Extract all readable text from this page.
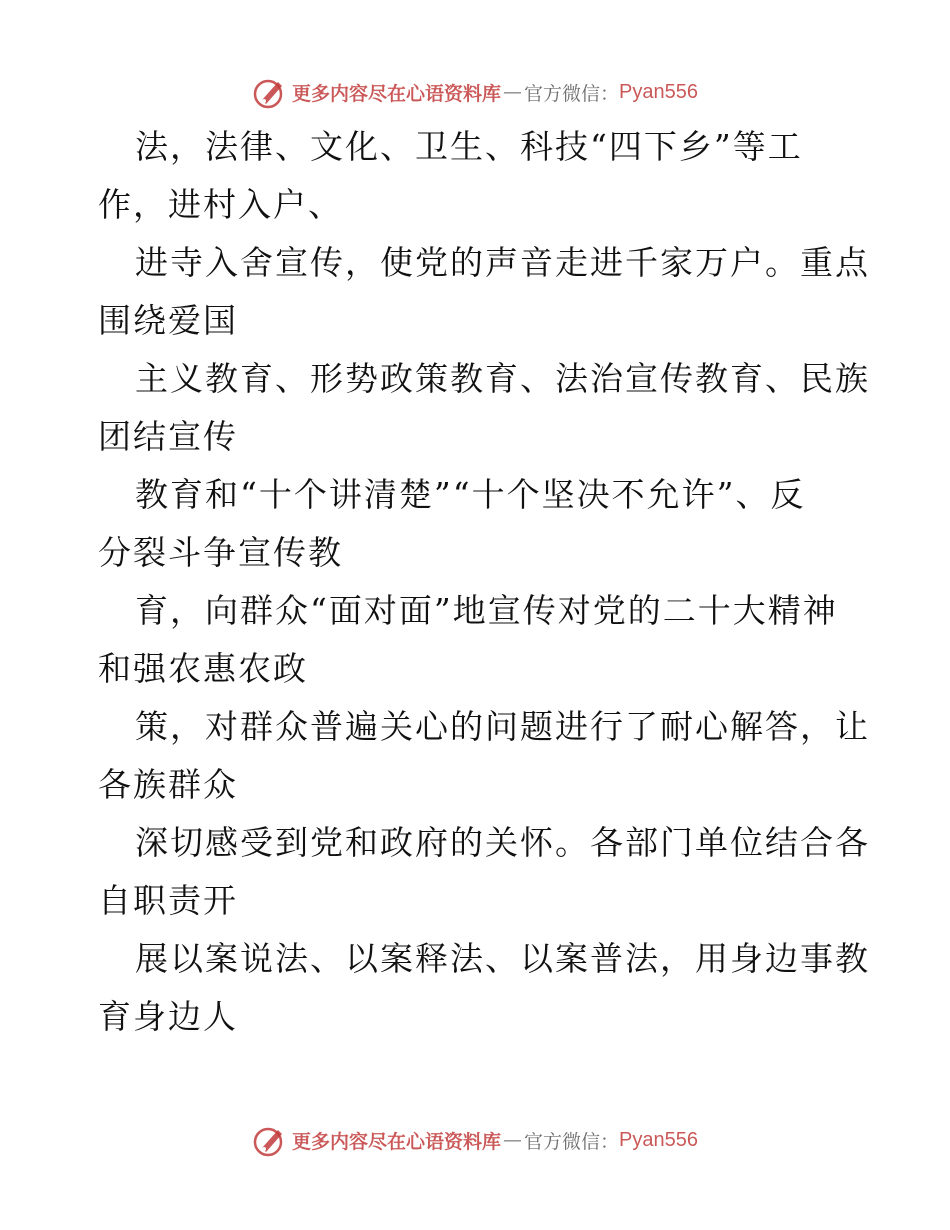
更多内容尽在心语资料库 — 官方微信： Pyan556
法，法律、文化、卫生、科技“四下乡”等工
作，进村入户、
进寺入舍宣传，使党的声音走进千家万户。重点
围绕爱国
主义教育、形势政策教育、法治宣传教育、民族
团结宣传
教育和“十个讲清楚”“十个坚决不允许”、反
分裂斗争宣传教
育，向群众“面对面”地宣传对党的二十大精神
和强农惠农政
策，对群众普遍关心的问题进行了耐心解答，让
各族群众
深切感受到党和政府的关怀。各部门单位结合各
自职责开
展以案说法、以案释法、以案普法，用身边事教
育身边人
更多内容尽在心语资料库 — 官方微信： Pyan556
